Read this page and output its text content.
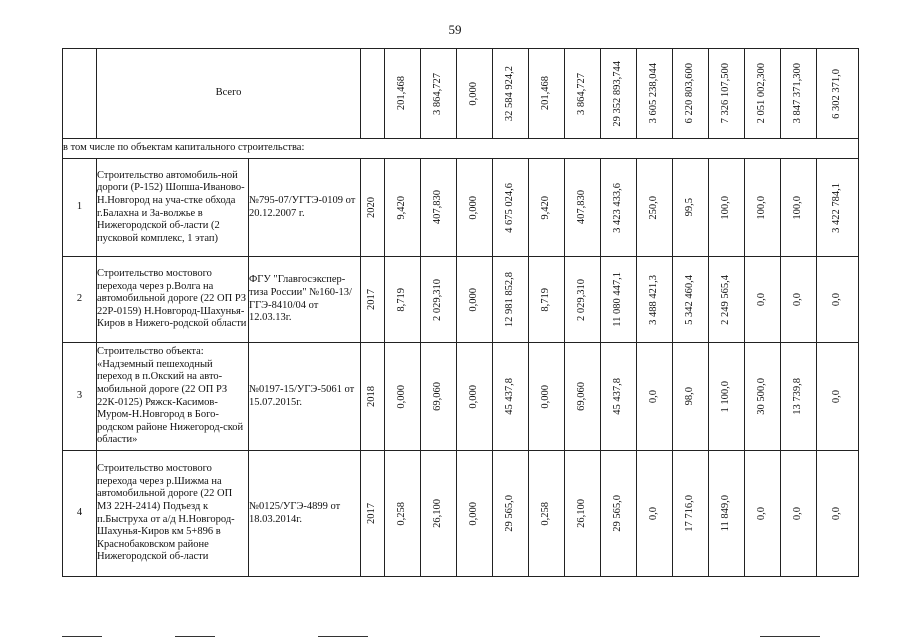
59
	Всего			201,468	3 864,727	0,000	32 584 924,2	201,468	3 864,727	29 352 893,744	3 605 238,044	6 220 803,600	7 326 107,500	2 051 002,300	3 847 371,300	6 302 371,0

в том числе по объектам капитального строительства:																
1	Строительство автомобиль-ной дороги (Р-152) Шопша-Иваново-Н.Новгород на уча-стке обхода г.Балахна и За-волжье в Нижегородской об-ласти (2 пусковой комплекс, 1 этап)	№795-07/УГТЭ-0109 от 20.12.2007 г.	2020	9,420	407,830	0,000	4 675 024,6	9,420	407,830	3 423 433,6	250,0	99,5	100,0	100,0	100,0	3 422 784,1

2	Строительство мостового перехода через р.Волга на автомобильной дороге (22 ОП РЗ 22Р-0159) Н.Новгород-Шахунья-Киров в Нижего-родской области	ФГУ "Главгосэкспер-тиза России" №160-13/ГГЭ-8410/04 от 12.03.13г.	2017	8,719	2 029,310	0,000	12 981 852,8	8,719	2 029,310	11 080 447,1	3 488 421,3	5 342 460,4	2 249 565,4	0,0	0,0	0,0

3	Строительство объекта: «Надземный пешеходный переход в п.Окский на авто-мобильной дороге (22 ОП РЗ 22К-0125) Ряжск-Касимов-Муром-Н.Новгород в Бого-родском районе Нижегород-ской области»	№0197-15/УГЭ-5061 от 15.07.2015г.	2018	0,000	69,060	0,000	45 437,8	0,000	69,060	45 437,8	0,0	98,0	1 100,0	30 500,0	13 739,8	0,0

4	Строительство мостового перехода через р.Шижма на автомобильной дороге (22 ОП МЗ 22Н-2414) Подъезд к п.Быструха от а/д Н.Новгород-Шахунья-Киров км 5+896 в Краснобаковском районе Нижегородской об-ласти	№0125/УГЭ-4899 от 18.03.2014г.	2017	0,258	26,100	0,000	29 565,0	0,258	26,100	29 565,0	0,0	17 716,0	11 849,0	0,0	0,0	0,0
